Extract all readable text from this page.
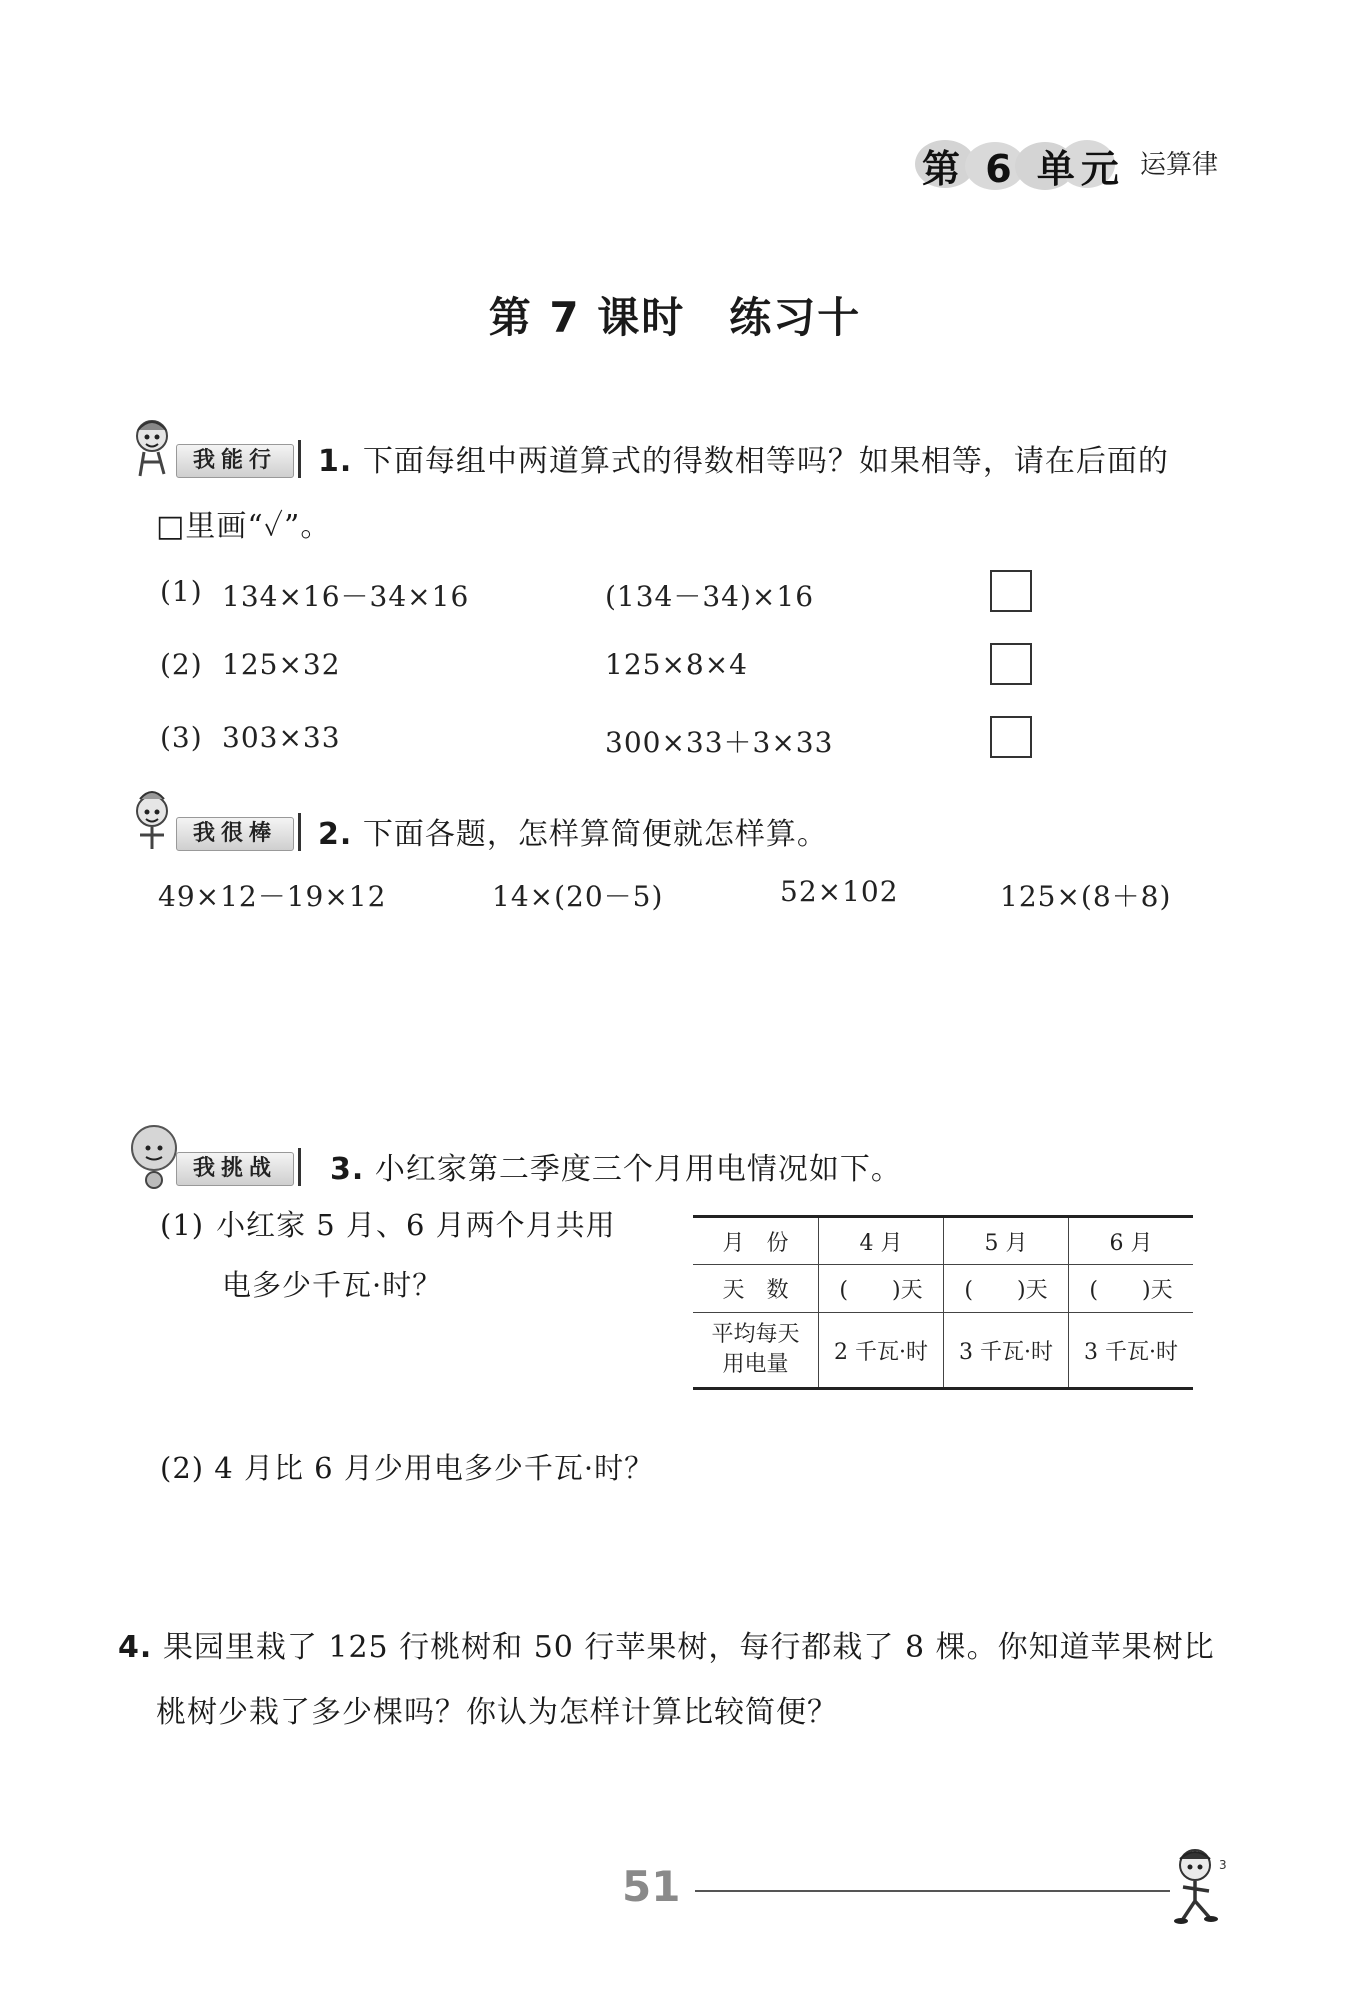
第 6 单元 运算律
第 7 课时　练习十
我能行	1. 下面每组中两道算式的得数相等吗？如果相等，请在后面的
□里画“✓”。
(1) 134×16－34×16	(134－34)×16
(2) 125×32	125×8×4
(3) 303×33	300×33＋3×33
我很棒	2. 下面各题，怎样算简便就怎样算。
49×12－19×12	14×(20－5)	52×102	125×(8＋8)
我挑战	3. 小红家第二季度三个月用电情况如下。
(1) 小红家 5 月、6 月两个月共用
电多少千瓦·时？
月　份	4 月	5 月	6 月
天　数	(　　)天	(　　)天	(　　)天
平均每天
用电量	2 千瓦·时	3 千瓦·时	3 千瓦·时
(2) 4 月比 6 月少用电多少千瓦·时？
4. 果园里栽了 125 行桃树和 50 行苹果树，每行都栽了 8 棵。你知道苹果树比
桃树少栽了多少棵吗？你认为怎样计算比较简便？
51	3
